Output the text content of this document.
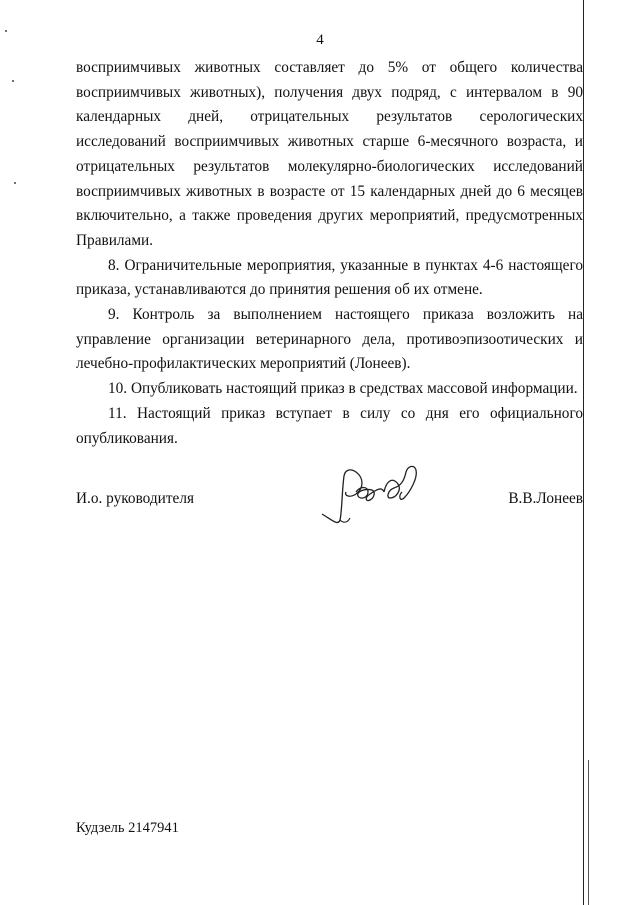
4

восприимчивых животных составляет до 5% от общего количества восприимчивых животных), получения двух подряд, с интервалом в 90 календарных дней, отрицательных результатов серологических исследований восприимчивых животных старше 6-месячного возраста, и отрицательных результатов молекулярно-биологических исследований восприимчивых животных в возрасте от 15 календарных дней до 6 месяцев включительно, а также проведения других мероприятий, предусмотренных Правилами.

8. Ограничительные мероприятия, указанные в пунктах 4-6 настоящего приказа, устанавливаются до принятия решения об их отмене.

9. Контроль за выполнением настоящего приказа возложить на управление организации ветеринарного дела, противоэпизоотических и лечебно-профилактических мероприятий (Лонеев).

10. Опубликовать настоящий приказ в средствах массовой информации.

11. Настоящий приказ вступает в силу со дня его официального опубликования.

И.о. руководителя	В.В.Лонеев
Кудзель 2147941
